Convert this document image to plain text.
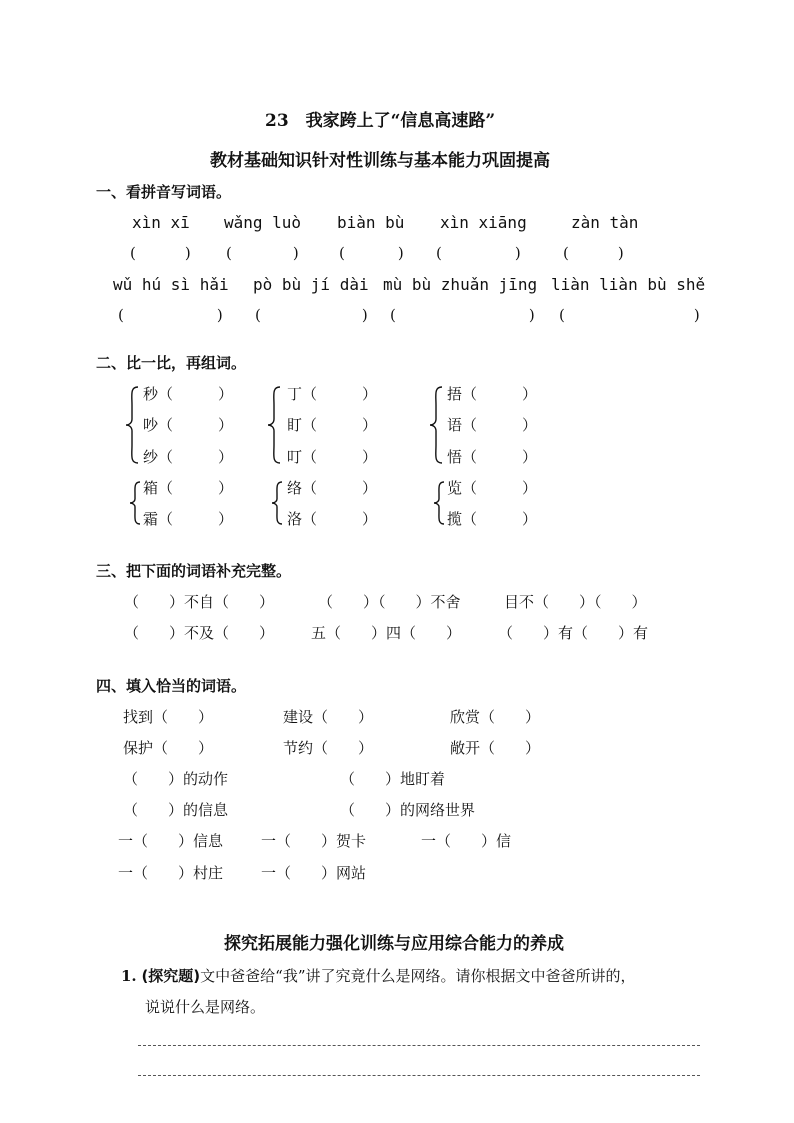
23　我家跨上了“信息高速路”
教材基础知识针对性训练与基本能力巩固提高
一、看拼音写词语。
xìn xī wǎng luò biàn bù xìn xiāng	zàn tàn
(　　　) (　　　) (　　　) (　　　) (　　　)
wǔ hú sì hǎi pò bù jí dài mù bù zhuǎn jīng liàn liàn bù shě
(　　　) (　　　) (　　　) (　　　)
二、比一比，再组词。
秒（　　　）
吵（　　　）
纱（　　　）
丁（　　　）
盯（　　　）
叮（　　　）
捂（　　　）
语（　　　）
悟（　　　）
箱（　　　）
霜（　　　）
络（　　　）
洛（　　　）
览（　　　）
揽（　　　）
三、把下面的词语补充完整。
（　　）不自（　　）	（　　）（　　）不舍	目不（　　）（　　）
（　　）不及（　　） 五（　　）四（　　） （　　）有（　　）有
四、填入恰当的词语。
找到（　　）	建设（　　）	欣赏（　　）
保护（　　）	节约（　　）	敞开（　　）
（　　）的动作	（　　）地盯着
（　　）的信息	（　　）的网络世界
一（　　）信息	一（　　）贺卡	一（　　）信
一（　　）村庄	一（　　）网站
探究拓展能力强化训练与应用综合能力的养成
1. (探究题)文中爸爸给“我”讲了究竟什么是网络。请你根据文中爸爸所讲的，
说说什么是网络。
